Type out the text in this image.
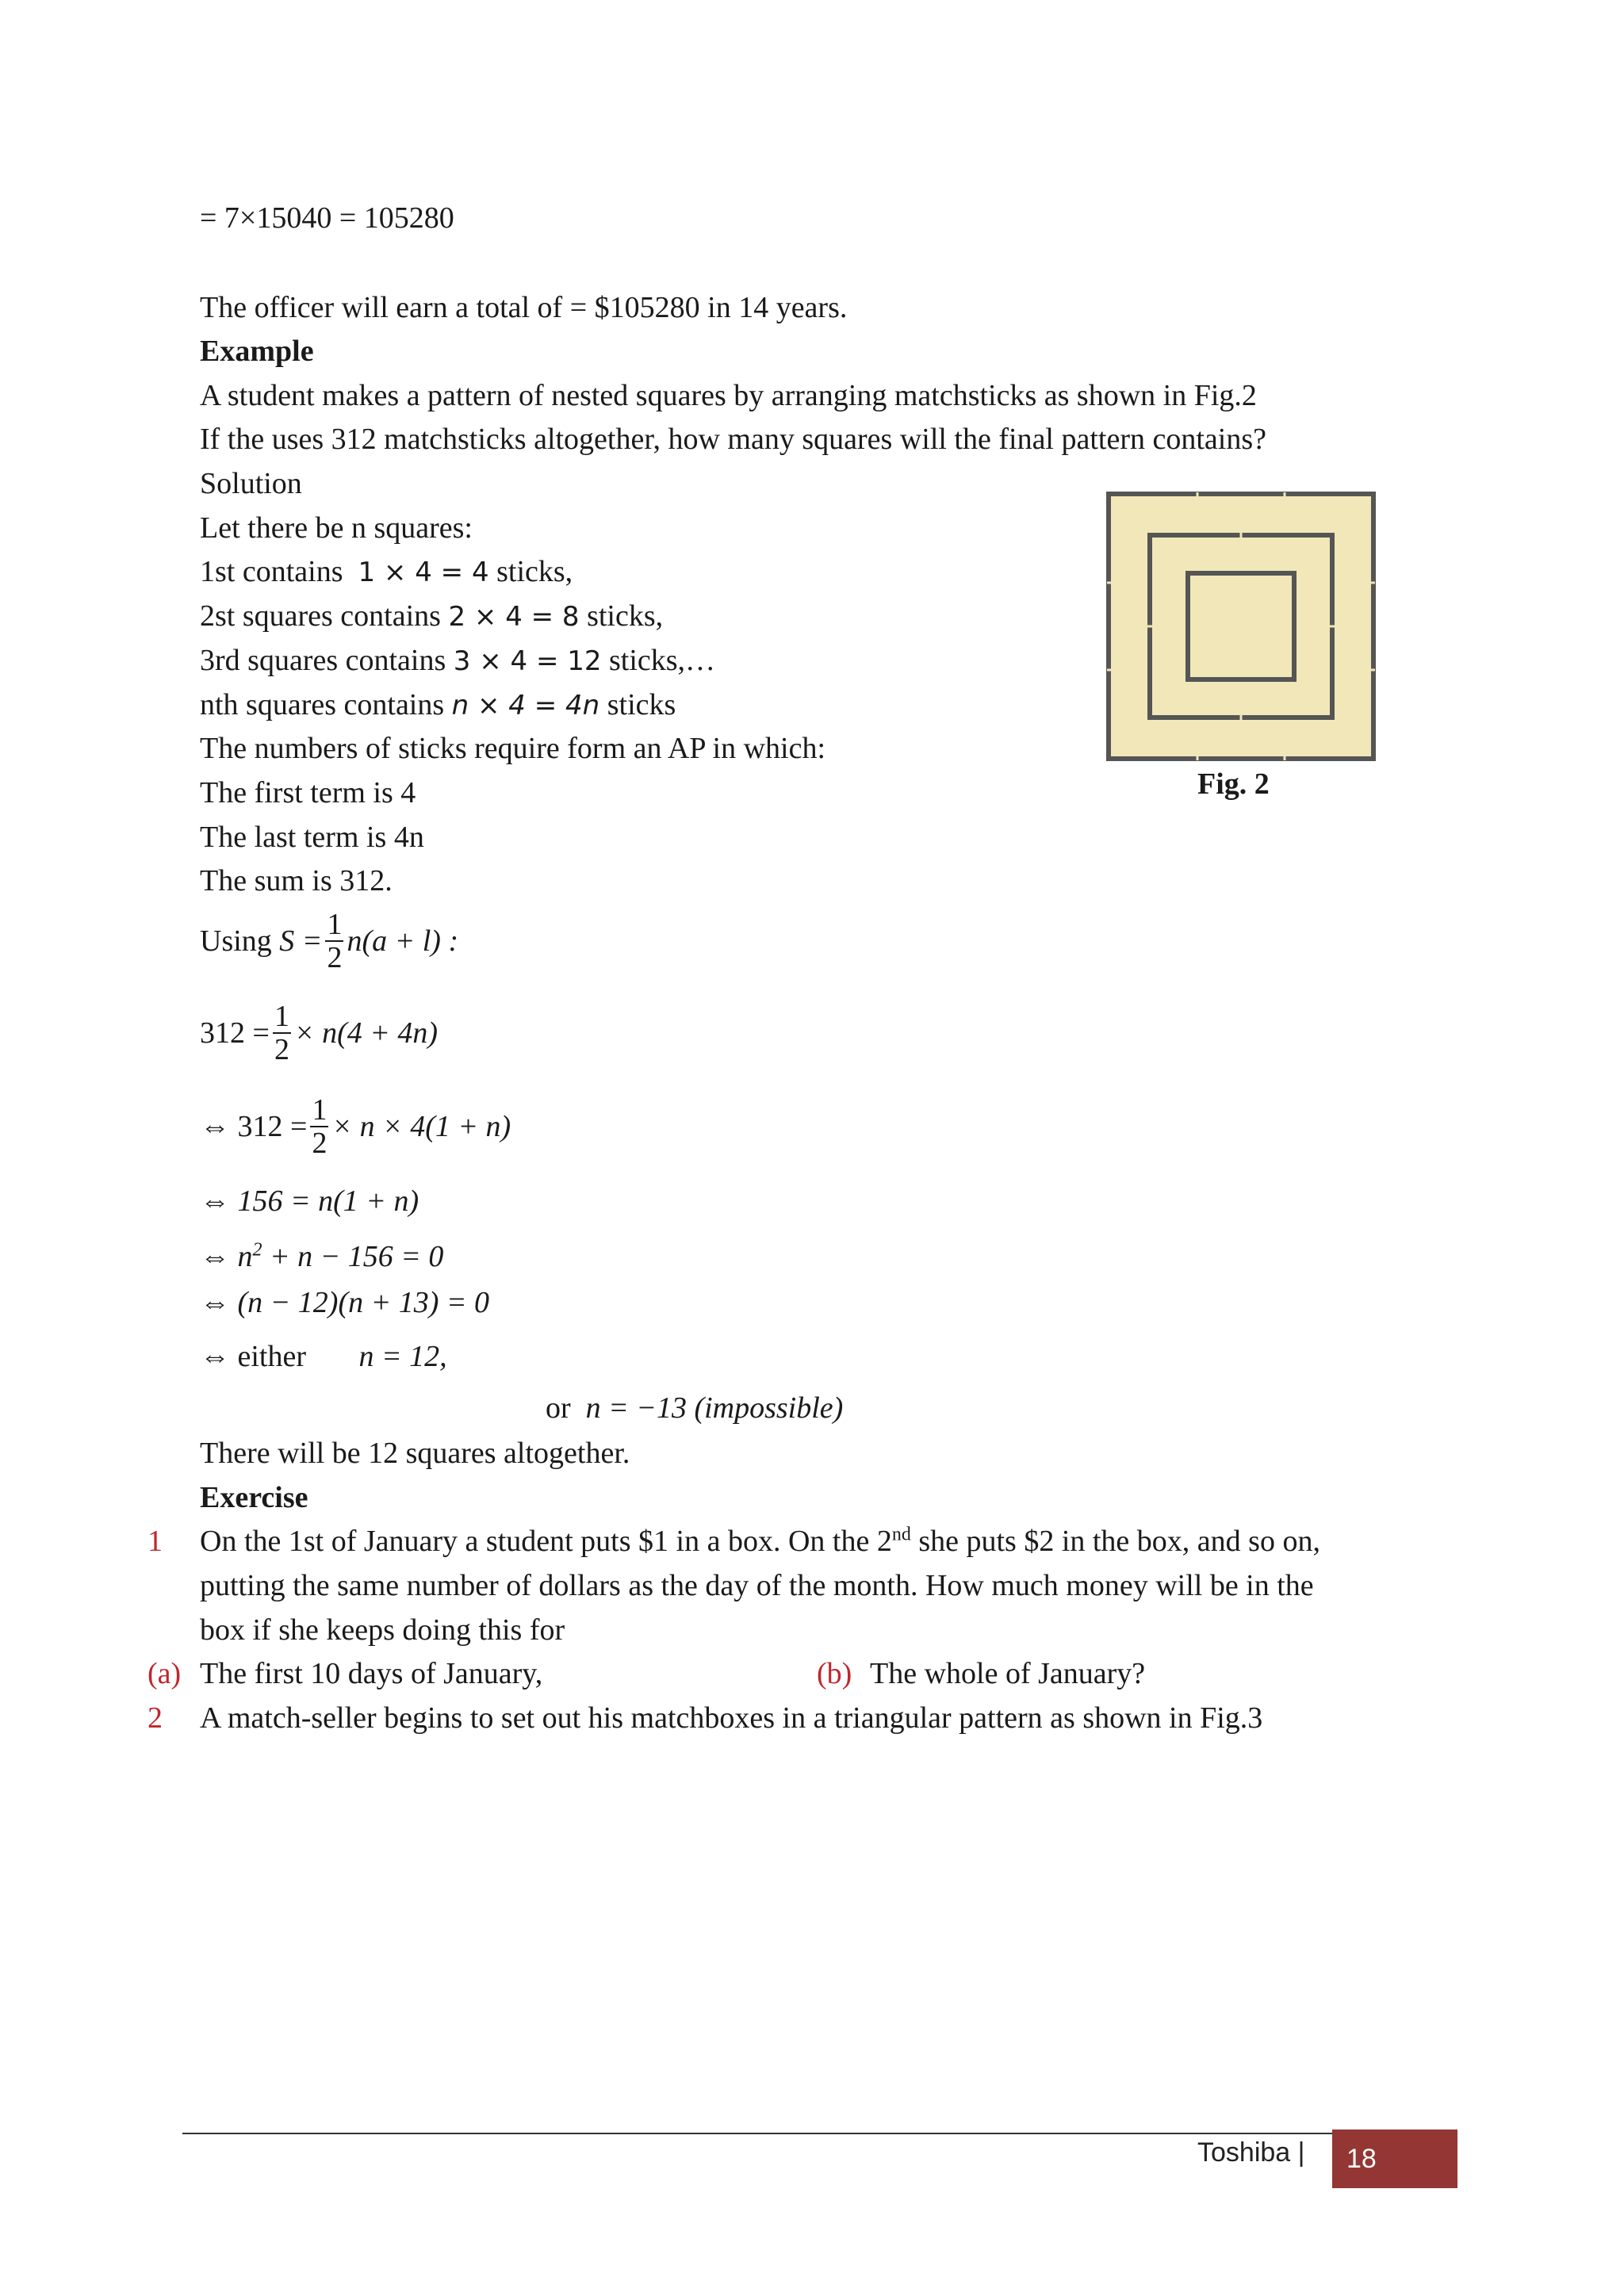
= 7×15040 = 105280
The officer will earn a total of = $105280 in 14 years.
Example
A student makes a pattern of nested squares by arranging matchsticks as shown in Fig.2
If the uses 312 matchsticks altogether, how many squares will the final pattern contains?
Solution
Let there be n squares:
1st contains 1 × 4 = 4 sticks,
2st squares contains 2 × 4 = 8 sticks,
3rd squares contains 3 × 4 = 12 sticks,…
nth squares contains n × 4 = 4n sticks
The numbers of sticks require form an AP in which:
The first term is 4
The last term is 4n
The sum is 312.
Using
$S = \frac{1}{2} n(a + l)$ :
$312 = \frac{1}{2} \times n(4 + 4n)$
⇔ $312 = \frac{1}{2} \times n \times 4(1 + n)$
⇔ 156 = n(1 + n)
⇔ $n^2 + n - 156 = 0$
⇔ (n − 12)(n + 13) = 0
⇔ either n = 12,
or n = −13 (impossible)
There will be 12 squares altogether.
Exercise
1 On the 1st of January a student puts $1 in a box. On the 2nd she puts $2 in the box, and so on,
putting the same number of dollars as the day of the month. How much money will be in the
box if she keeps doing this for
(a) The first 10 days of January,	(b) The whole of January?
2 A match-seller begins to set out his matchboxes in a triangular pattern as shown in Fig.3
Fig. 2
Toshiba | 18
